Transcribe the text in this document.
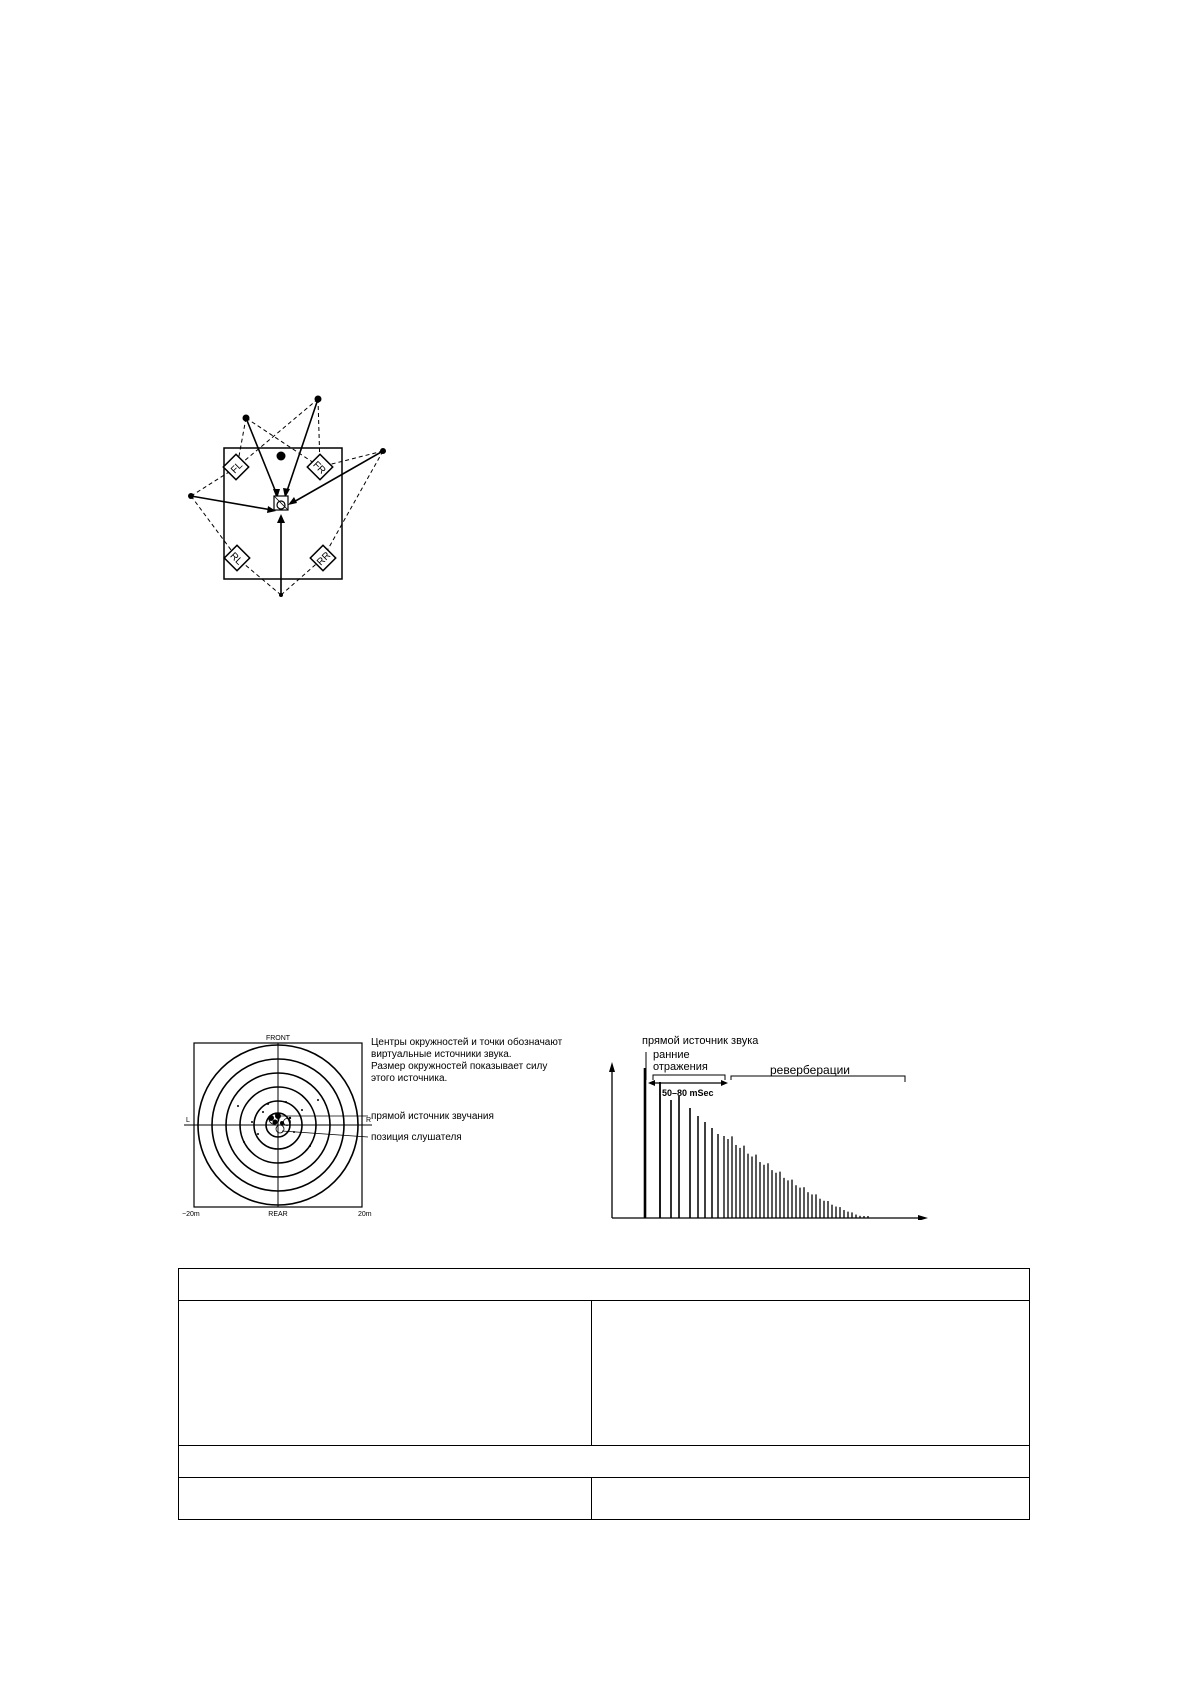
FL	FR
RL	RR
FRONT
REAR
L	R
−20m	20m
Центры окружностей и точки обозначают
виртуальные источники звука.
Размер окружностей показывает силу
этого источника.
прямой источник звучания
позиция слушателя
прямой источник звука
ранние
отражения	реверберации
50–80 mSec
